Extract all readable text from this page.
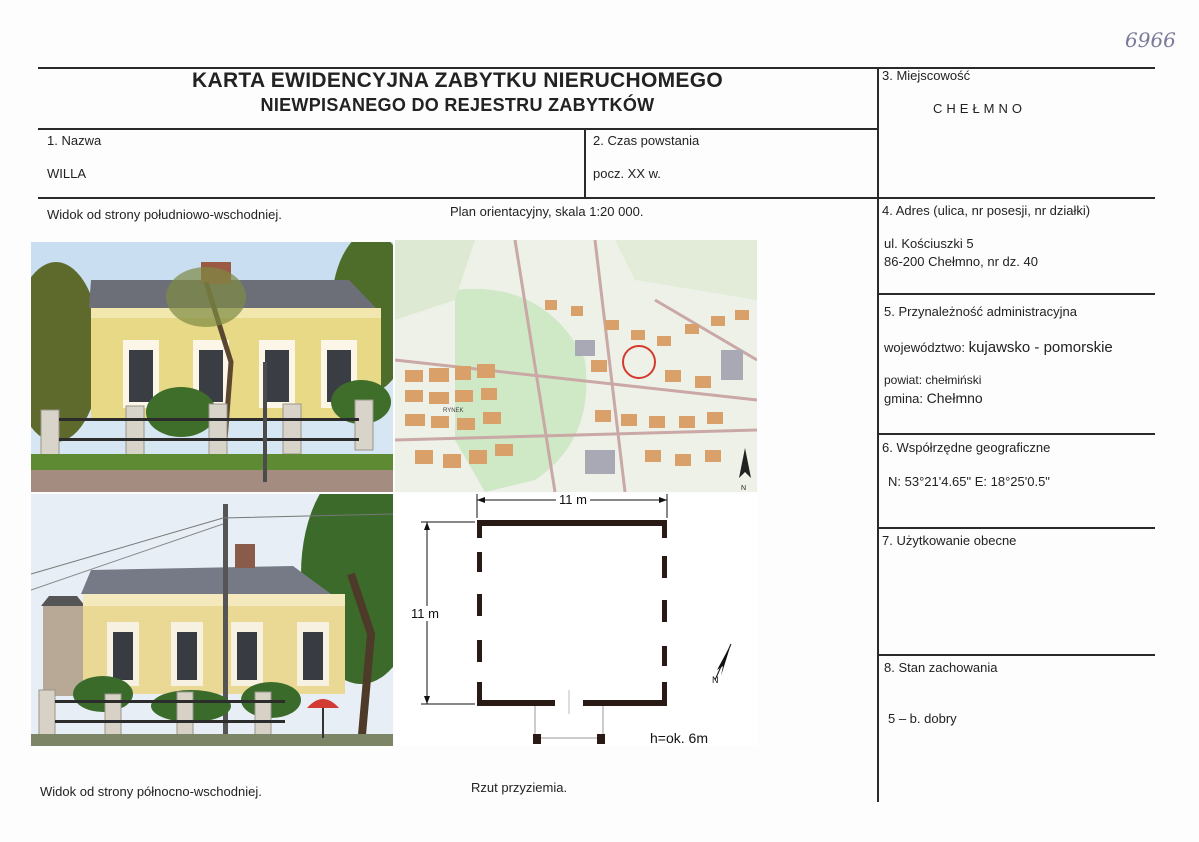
6966
KARTA EWIDENCYJNA ZABYTKU NIERUCHOMEGO
NIEWPISANEGO DO REJESTRU ZABYTKÓW
1. Nazwa
WILLA
2. Czas powstania
pocz. XX w.
3. Miejscowość
CHEŁMNO
4. Adres (ulica, nr posesji, nr działki)
ul. Kościuszki 5
86-200 Chełmno, nr dz. 40
5. Przynależność administracyjna
województwo: kujawsko - pomorskie
powiat: chełmiński
gmina: Chełmno
6. Współrzędne geograficzne
N: 53°21'4.65" E: 18°25'0.5"
7. Użytkowanie obecne
8. Stan zachowania
5 – b. dobry
Widok od strony południowo-wschodniej.	Plan orientacyjny, skala 1:20 000.
Widok od strony północno-wschodniej.	Rzut przyziemia.
RYNEK
N
11 m
11 m
h=ok. 6m
N
